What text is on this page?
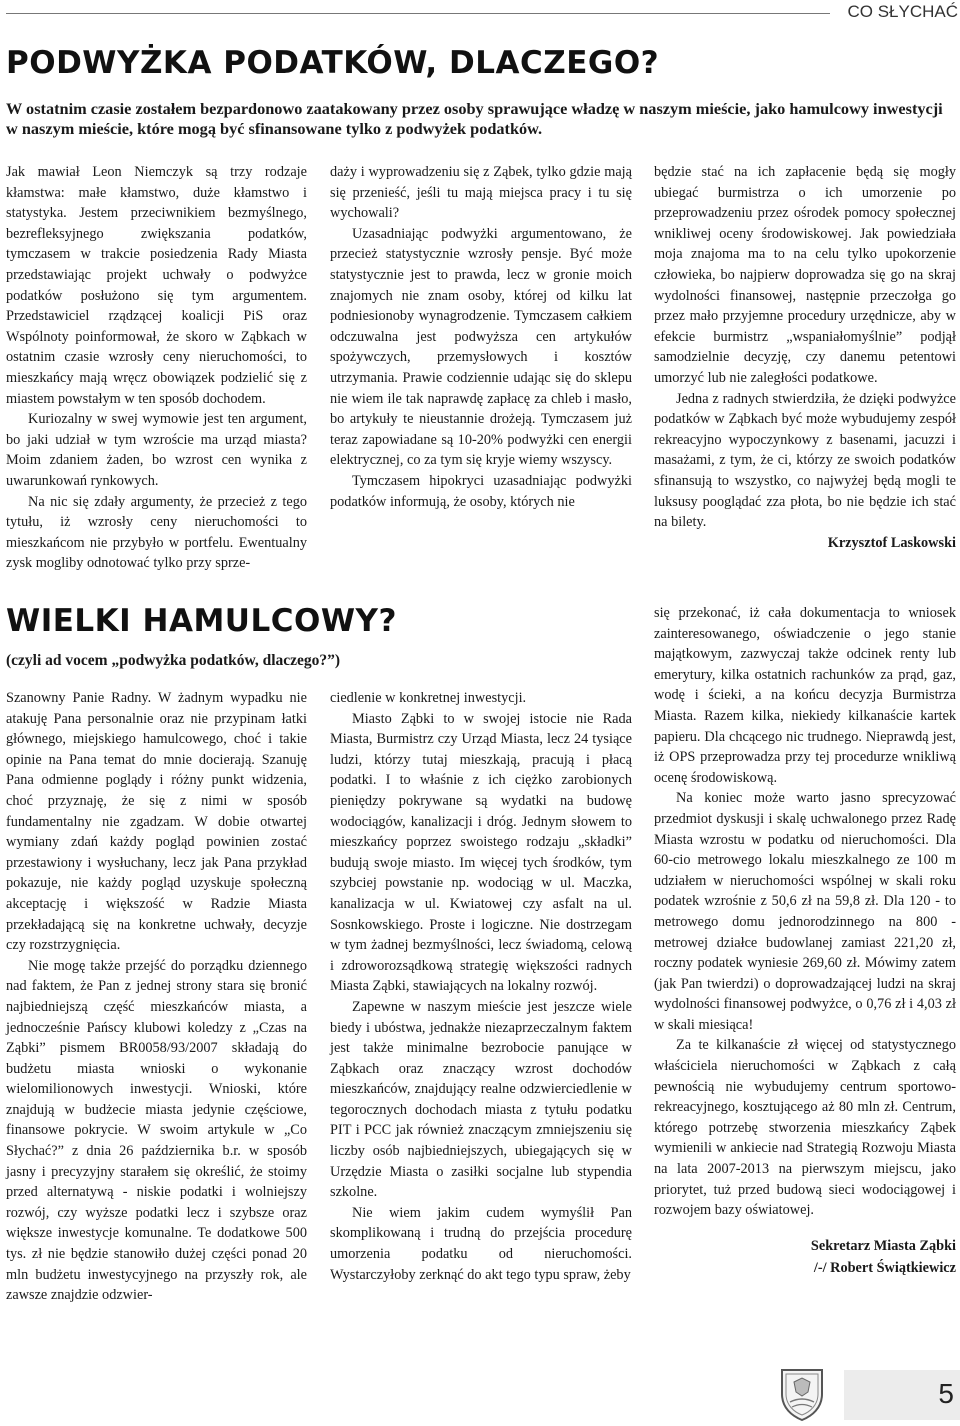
CO SŁYCHAĆ
PODWYŻKA PODATKÓW, DLACZEGO?

W ostatnim czasie zostałem bezpardonowo zaatakowany przez osoby sprawujące władzę w naszym mieście, jako hamulcowy inwestycji w naszym mieście, które mogą być sfinansowane tylko z podwyżek podatków.

Jak mawiał Leon Niemczyk są trzy rodzaje kłamstwa: małe kłamstwo, duże kłamstwo i statystyka. Jestem przeciwnikiem bezmyślnego, bezrefleksyjnego zwiększania podatków, tymczasem w trakcie posiedzenia Rady Miasta przedstawiając projekt uchwały o podwyżce podatków posłużono się tym argumentem. Przedstawiciel rządzącej koalicji PiS oraz Wspólnoty poinformował, że skoro w Ząbkach w ostatnim czasie wzrosły ceny nieruchomości, to mieszkańcy mają wręcz obowiązek podzielić się z miastem powstałym w ten sposób dochodem.

Kuriozalny w swej wymowie jest ten argument, bo jaki udział w tym wzroście ma urząd miasta? Moim zdaniem żaden, bo wzrost cen wynika z uwarunkowań rynkowych.

Na nic się zdały argumenty, że przecież z tego tytułu, iż wzrosły ceny nieruchomości to mieszkańcom nie przybyło w portfelu. Ewentualny zysk mogliby odnotować tylko przy sprze-

daży i wyprowadzeniu się z Ząbek, tylko gdzie mają się przenieść, jeśli tu mają miejsca pracy i tu się wychowali?

Uzasadniając podwyżki argumentowano, że przecież statystycznie wzrosły pensje. Być może statystycznie jest to prawda, lecz w gronie moich znajomych nie znam osoby, której od kilku lat podniesionoby wynagrodzenie. Tymczasem całkiem odczuwalna jest podwyższa cen artykułów spożywczych, przemysłowych i kosztów utrzymania. Prawie codziennie udając się do sklepu nie wiem ile tak naprawdę zapłacę za chleb i masło, bo artykuły te nieustannie drożeją. Tymczasem już teraz zapowiadane są 10-20% podwyżki cen energii elektrycznej, co za tym się kryje wiemy wszyscy.

Tymczasem hipokryci uzasadniając podwyżki podatków informują, że osoby, których nie

będzie stać na ich zapłacenie będą się mogły ubiegać burmistrza o ich umorzenie po przeprowadzeniu przez ośrodek pomocy społecznej wnikliwej oceny środowiskowej. Jak powiedziała moja znajoma ma to na celu tylko upokorzenie człowieka, bo najpierw doprowadza się go na skraj wydolności finansowej, następnie przeczołga go przez mało przyjemne procedury urzędnicze, aby w efekcie burmistrz „wspaniałomyślnie” podjął samodzielnie decyzję, czy danemu petentowi umorzyć lub nie zaległości podatkowe.

Jedna z radnych stwierdziła, że dzięki podwyżce podatków w Ząbkach być może wybudujemy zespół rekreacyjno wypoczynkowy z basenami, jacuzzi i masażami, z tym, że ci, którzy ze swoich podatków sfinansują to wszystko, co najwyżej będą mogli te luksusy pooglądać zza płota, bo nie będzie ich stać na bilety.

Krzysztof Laskowski

WIELKI HAMULCOWY?

(czyli ad vocem „podwyżka podatków, dlaczego?”)

Szanowny Panie Radny. W żadnym wypadku nie atakuję Pana personalnie oraz nie przypinam łatki głównego, miejskiego hamulcowego, choć i takie opinie na Pana temat do mnie docierają. Szanuję Pana odmienne poglądy i różny punkt widzenia, choć przyznaję, że się z nimi w sposób fundamentalny nie zgadzam. W dobie otwartej wymiany zdań każdy pogląd powinien zostać przestawiony i wysłuchany, lecz jak Pana przykład pokazuje, nie każdy pogląd uzyskuje społeczną akceptację i większość w Radzie Miasta przekładającą się na konkretne uchwały, decyzje czy rozstrzygnięcia.

Nie mogę także przejść do porządku dziennego nad faktem, że Pan z jednej strony stara się bronić najbiedniejszą część mieszkańców miasta, a jednocześnie Pańscy klubowi koledzy z „Czas na Ząbki” pismem BR0058/93/2007 składają do budżetu miasta wnioski o wykonanie wielomilionowych inwestycji. Wnioski, które znajdują w budżecie miasta jedynie częściowe, finansowe pokrycie. W swoim artykule w „Co Słychać?” z dnia 26 października b.r. w sposób jasny i precyzyjny starałem się określić, że stoimy przed alternatywą - niskie podatki i wolniejszy rozwój, czy wyższe podatki lecz i szybsze oraz większe inwestycje komunalne. Te dodatkowe 500 tys. zł nie będzie stanowiło dużej części ponad 20 mln budżetu inwestycyjnego na przyszły rok, ale zawsze znajdzie odzwier-

ciedlenie w konkretnej inwestycji.

Miasto Ząbki to w swojej istocie nie Rada Miasta, Burmistrz czy Urząd Miasta, lecz 24 tysiące ludzi, którzy tutaj mieszkają, pracują i płacą podatki. I to właśnie z ich ciężko zarobionych pieniędzy pokrywane są wydatki na budowę wodociągów, kanalizacji i dróg. Jednym słowem to mieszkańcy poprzez swoistego rodzaju „składki” budują swoje miasto. Im więcej tych środków, tym szybciej powstanie np. wodociąg w ul. Maczka, kanalizacja w ul. Kwiatowej czy asfalt na ul. Sosnkowskiego. Proste i logiczne. Nie dostrzegam w tym żadnej bezmyślności, lecz świadomą, celową i zdroworozsądkową strategię większości radnych Miasta Ząbki, stawiających na lokalny rozwój.

Zapewne w naszym mieście jest jeszcze wiele biedy i ubóstwa, jednakże niezaprzeczalnym faktem jest także minimalne bezrobocie panujące w Ząbkach oraz znaczący wzrost dochodów mieszkańców, znajdujący realne odzwierciedlenie w tegorocznych dochodach miasta z tytułu podatku PIT i PCC jak również znaczącym zmniejszeniu się liczby osób najbiedniejszych, ubiegających się w Urzędzie Miasta o zasiłki socjalne lub stypendia szkolne.

Nie wiem jakim cudem wymyślił Pan skomplikowaną i trudną do przejścia procedurę umorzenia podatku od nieruchomości. Wystarczyłoby zerknąć do akt tego typu spraw, żeby

się przekonać, iż cała dokumentacja to wniosek zainteresowanego, oświadczenie o jego stanie majątkowym, zazwyczaj także odcinek renty lub emerytury, kilka ostatnich rachunków za prąd, gaz, wodę i ścieki, a na końcu decyzja Burmistrza Miasta. Razem kilka, niekiedy kilkanaście kartek papieru. Dla chcącego nic trudnego. Nieprawdą jest, iż OPS przeprowadza przy tej procedurze wnikliwą ocenę środowiskową.

Na koniec może warto jasno sprecyzować przedmiot dyskusji i skalę uchwalonego przez Radę Miasta wzrostu w podatku od nieruchomości. Dla 60-cio metrowego lokalu mieszkalnego ze 100 m udziałem w nieruchomości wspólnej w skali roku podatek wzrośnie z 50,6 zł na 59,8 zł. Dla 120 - to metrowego domu jednorodzinnego na 800 - metrowej działce budowlanej zamiast 221,20 zł, roczny podatek wyniesie 269,60 zł. Mówimy zatem (jak Pan twierdzi) o doprowadzającej ludzi na skraj wydolności finansowej podwyżce, o 0,76 zł i 4,03 zł w skali miesiąca!

Za te kilkanaście zł więcej od statystycznego właściciela nieruchomości w Ząbkach z całą pewnością nie wybudujemy centrum sportowo-rekreacyjnego, kosztującego aż 80 mln zł. Centrum, którego potrzebę stworzenia mieszkańcy Ząbek wymienili w ankiecie nad Strategią Rozwoju Miasta na lata 2007-2013 na pierwszym miejscu, jako priorytet, tuż przed budową sieci wodociągowej i rozwojem bazy oświatowej.

Sekretarz Miasta Ząbki
/-/ Robert Świątkiewicz

5
